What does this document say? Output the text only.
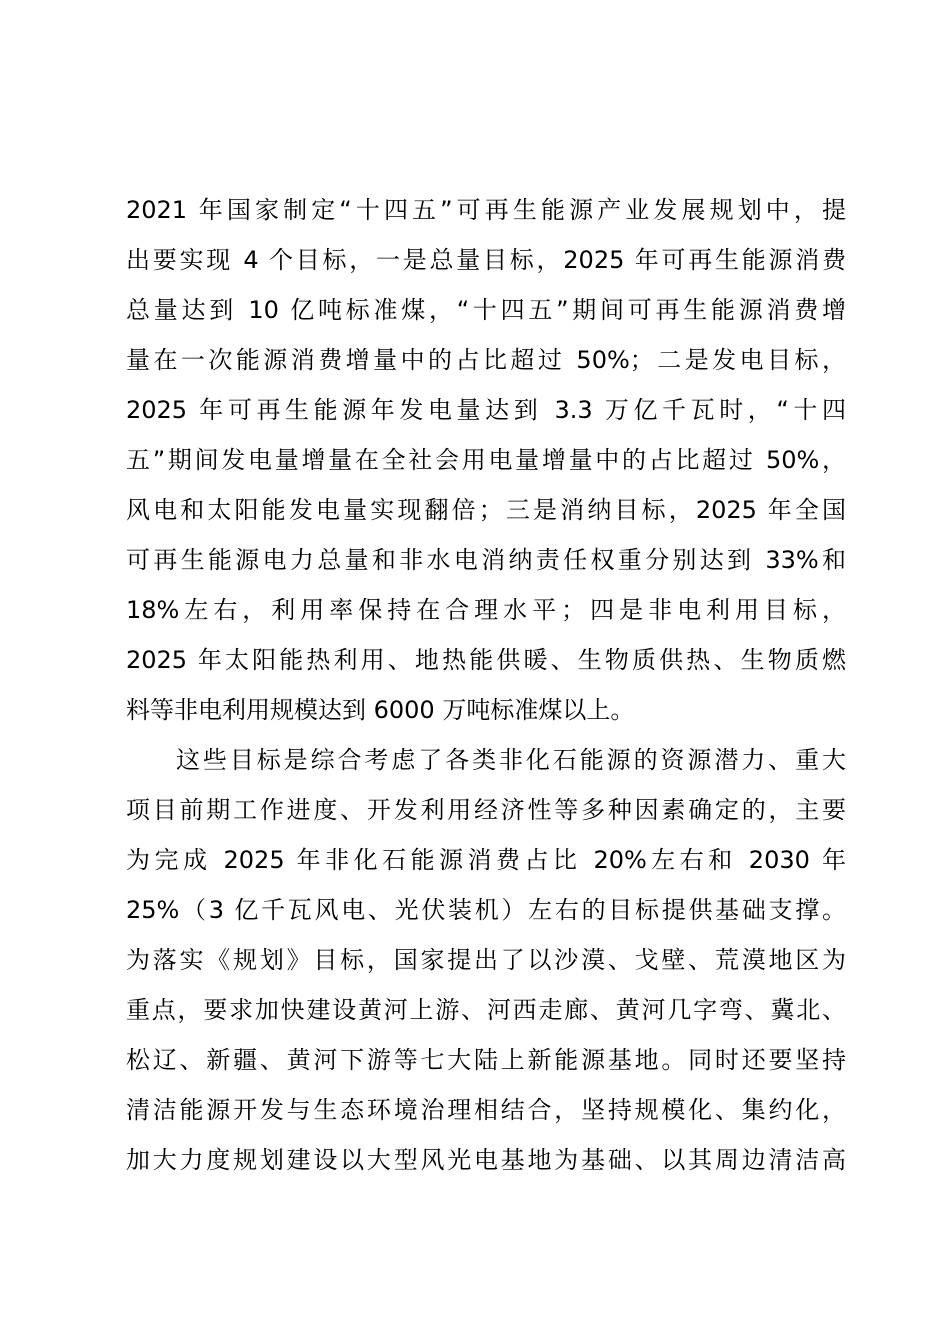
2021 年国家制定“十四五”可再生能源产业发展规划中，提
出要实现 4 个目标，一是总量目标，2025 年可再生能源消费
总量达到 10 亿吨标准煤，“十四五”期间可再生能源消费增
量在一次能源消费增量中的占比超过 50%；二是发电目标，
2025 年可再生能源年发电量达到 3.3 万亿千瓦时，“十四
五”期间发电量增量在全社会用电量增量中的占比超过 50%，
风电和太阳能发电量实现翻倍；三是消纳目标，2025 年全国
可再生能源电力总量和非水电消纳责任权重分别达到 33%和
18%左右，利用率保持在合理水平；四是非电利用目标，
2025 年太阳能热利用、地热能供暖、生物质供热、生物质燃
料等非电利用规模达到 6000 万吨标准煤以上。
这些目标是综合考虑了各类非化石能源的资源潜力、重大
项目前期工作进度、开发利用经济性等多种因素确定的，主要
为完成 2025 年非化石能源消费占比 20%左右和 2030 年
25%（3 亿千瓦风电、光伏装机）左右的目标提供基础支撑。
为落实《规划》目标，国家提出了以沙漠、戈壁、荒漠地区为
重点，要求加快建设黄河上游、河西走廊、黄河几字弯、冀北、
松辽、新疆、黄河下游等七大陆上新能源基地。同时还要坚持
清洁能源开发与生态环境治理相结合，坚持规模化、集约化，
加大力度规划建设以大型风光电基地为基础、以其周边清洁高
